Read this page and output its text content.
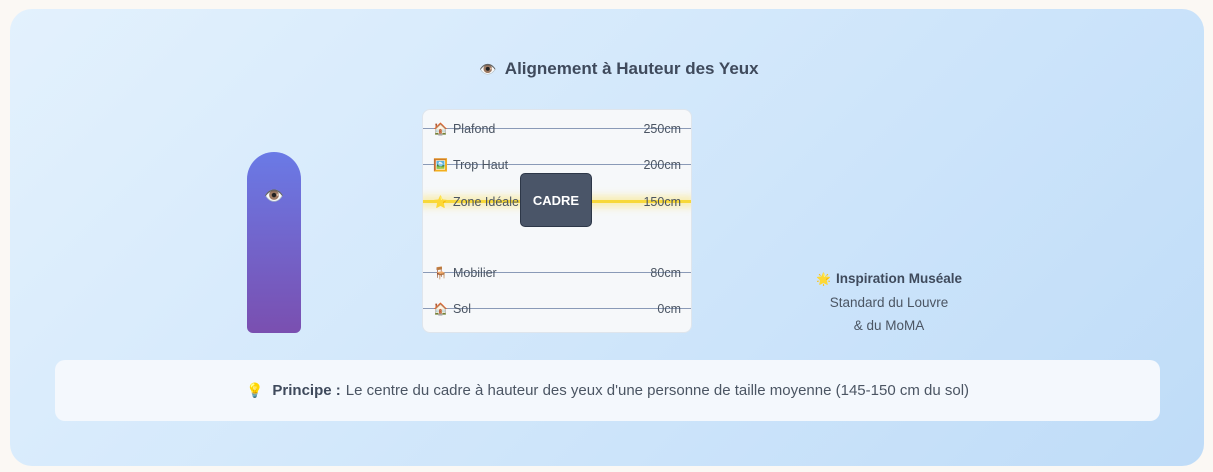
👁️ Alignement à Hauteur des Yeux
👁️
🏠 Plafond	250cm
🖼️ Trop Haut	200cm
⭐ Zone Idéale	150cm
🪑 Mobilier	80cm
🏠 Sol	0cm
CADRE
🌟 Inspiration Muséale
Standard du Louvre
& du MoMA
💡 Principe : Le centre du cadre à hauteur des yeux d'une personne de taille moyenne (145-150 cm du sol)
